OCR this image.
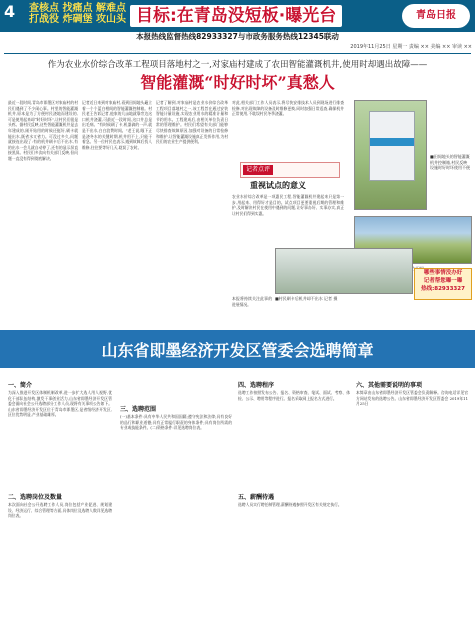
4	查核点 找痛点 解难点
打战役 炸碉堡 攻山头 目标:在青岛没短板·曝光台	青岛日报
本报热线监督热线82933327与市政务服务热线12345联动
2019年11月25日 星期一 责编 ×× 美编 ×× 审读 ××
作为农业水价综合改革工程项目落地村之一,对家庙村建成了农田智能灌溉机井,使用时却遇出故障——
智能灌溉“时好时坏”真愁人
最近一段时间,青岛市即墨区对家庙村的村民们遇到了不少闹心事。村里的智能灌溉机井,原本是为了方便村民浇地而建设的,可是使用起来却“时好时坏”,让村民们很是头疼。据村民反映,这些智能灌溉机井是去年建成的,刚开始用的时候还挺好,刷卡就能出水,既省水又省力。可没过多久,问题就接连出现了:有的机井刷卡后不出水,有的出水一会儿就自动停了,还有的显示屏直接黑屏。村民们多次向有关部门反映,但问题一直没有得到彻底解决。
记者近日来到对家庙村,看到田间地头矗立着一个个蓝白相间的智能灌溉控制箱。村民老王告诉记者,他家的几亩地就靠旁边这口机井浇灌,可最近一段时间,这口井总是出毛病。“有时候刷了卡,机器滴的一声,就是不出水,白白浪费时间。”老王说,眼下正是浇冬水的关键时期,机井用不上,只能干着急。另一位村民也表示,遇到故障后找人维修,往往要等好几天,耽误了农时。
记者了解到,对家庙村是农业水价综合改革工程项目落地村之一,该工程旨在通过安装智能计量设施,实现农业用水的精准计量和节约用水。工程建成后,由相关单位负责日常的管理维护。村民们希望有关部门能够尽快排查故障原因,加强对设备的日常检修和维护,让智能灌溉设施真正发挥作用,为村民们的农业生产提供便利。
对此,相关部门工作人员表示,将尽快安排技术人员到现场进行排查检修,对出现故障的设备及时维修更换,同时加强日常巡查,确保机井正常使用,不耽误村民冬季浇灌。
本报将持续关注此事的进展情况。
■田间地头的智能灌溉机井控制箱,村民反映设施时好时坏使用不便
记者点评
重视试点的意义
农业水价综合改革是一项惠民工程,智能灌溉机井建起来只是第一步,用起来、用得好才是目的。试点项目更要重视后期的管理和维护,及时解决村民在使用中遇到的问题,让好事办好、实事办实,真正让村民们得到实惠。
哪些事情没办好
记者帮您曝一曝
热线:82933327
■村民刷卡后机井却不出水 记者 摄
山东省即墨经济开发区管委会选聘简章
一、简介
为深入推进开发区体制机制改革,进一步扩大选人用人视野,优化干部队伍结构,激发干事创业活力,山东省即墨经济开发区管委会面向社会公开选聘部分工作人员,现将有关事项公告如下。山东省即墨经济开发区位于青岛市即墨区,是省级经济开发区,区位优势明显,产业基础雄厚。
二、选聘岗位及数量
本次面向社会公开选聘工作人员,岗位包括产业促进、规划建设、经济运行、综合管理等方面,具体岗位及选聘人数详见选聘岗位表。
三、选聘范围
(一)基本条件:具有中华人民共和国国籍;遵守宪法和法律;具有良好的品行和职业道德;具有正常履行职责的身体条件;具有岗位所需的专业或技能条件。(二)资格条件:详见选聘岗位表。
四、选聘程序
选聘工作按照发布公告、报名、资格审查、笔试、面试、考察、体检、公示、聘用等程序进行。报名采取网上报名方式进行。
五、薪酬待遇
选聘人员实行聘任制管理,薪酬待遇参照开发区有关规定执行。
六、其他需要说明的事项
本简章由山东省即墨经济开发区管委会负责解释。咨询电话详见官方网站发布的选聘公告。山东省即墨经济开发区管委会 2019年11月25日
